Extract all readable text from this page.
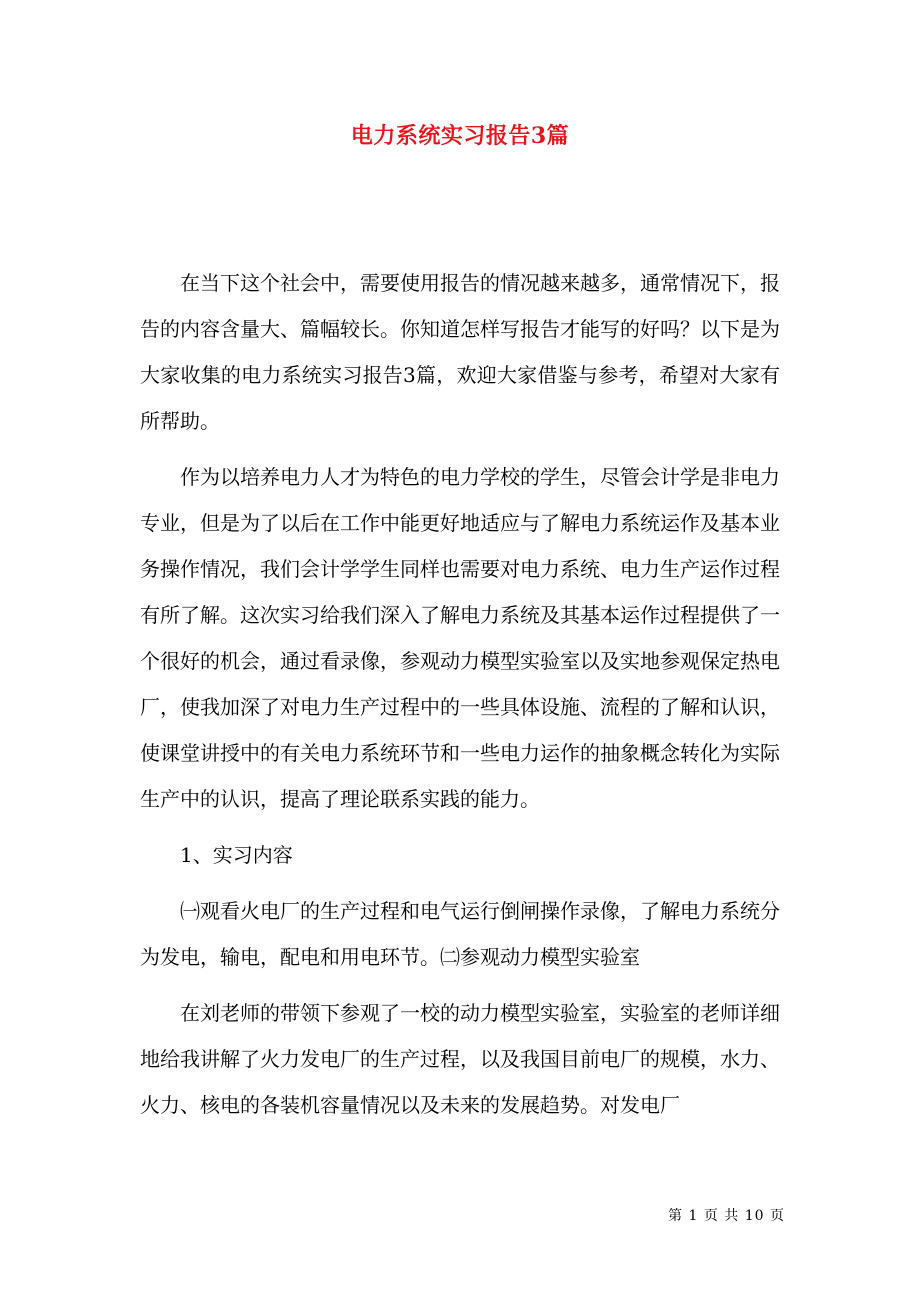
电力系统实习报告3篇

在当下这个社会中，需要使用报告的情况越来越多，通常情况下，报告的内容含量大、篇幅较长。你知道怎样写报告才能写的好吗？以下是为大家收集的电力系统实习报告3篇，欢迎大家借鉴与参考，希望对大家有所帮助。

作为以培养电力人才为特色的电力学校的学生，尽管会计学是非电力专业，但是为了以后在工作中能更好地适应与了解电力系统运作及基本业务操作情况，我们会计学学生同样也需要对电力系统、电力生产运作过程有所了解。这次实习给我们深入了解电力系统及其基本运作过程提供了一个很好的机会，通过看录像，参观动力模型实验室以及实地参观保定热电厂，使我加深了对电力生产过程中的一些具体设施、流程的了解和认识，使课堂讲授中的有关电力系统环节和一些电力运作的抽象概念转化为实际生产中的认识，提高了理论联系实践的能力。

1、实习内容

㈠观看火电厂的生产过程和电气运行倒闸操作录像，了解电力系统分为发电，输电，配电和用电环节。㈡参观动力模型实验室

在刘老师的带领下参观了一校的动力模型实验室，实验室的老师详细地给我讲解了火力发电厂的生产过程，以及我国目前电厂的规模，水力、火力、核电的各装机容量情况以及未来的发展趋势。对发电厂

第 1 页 共 10 页
